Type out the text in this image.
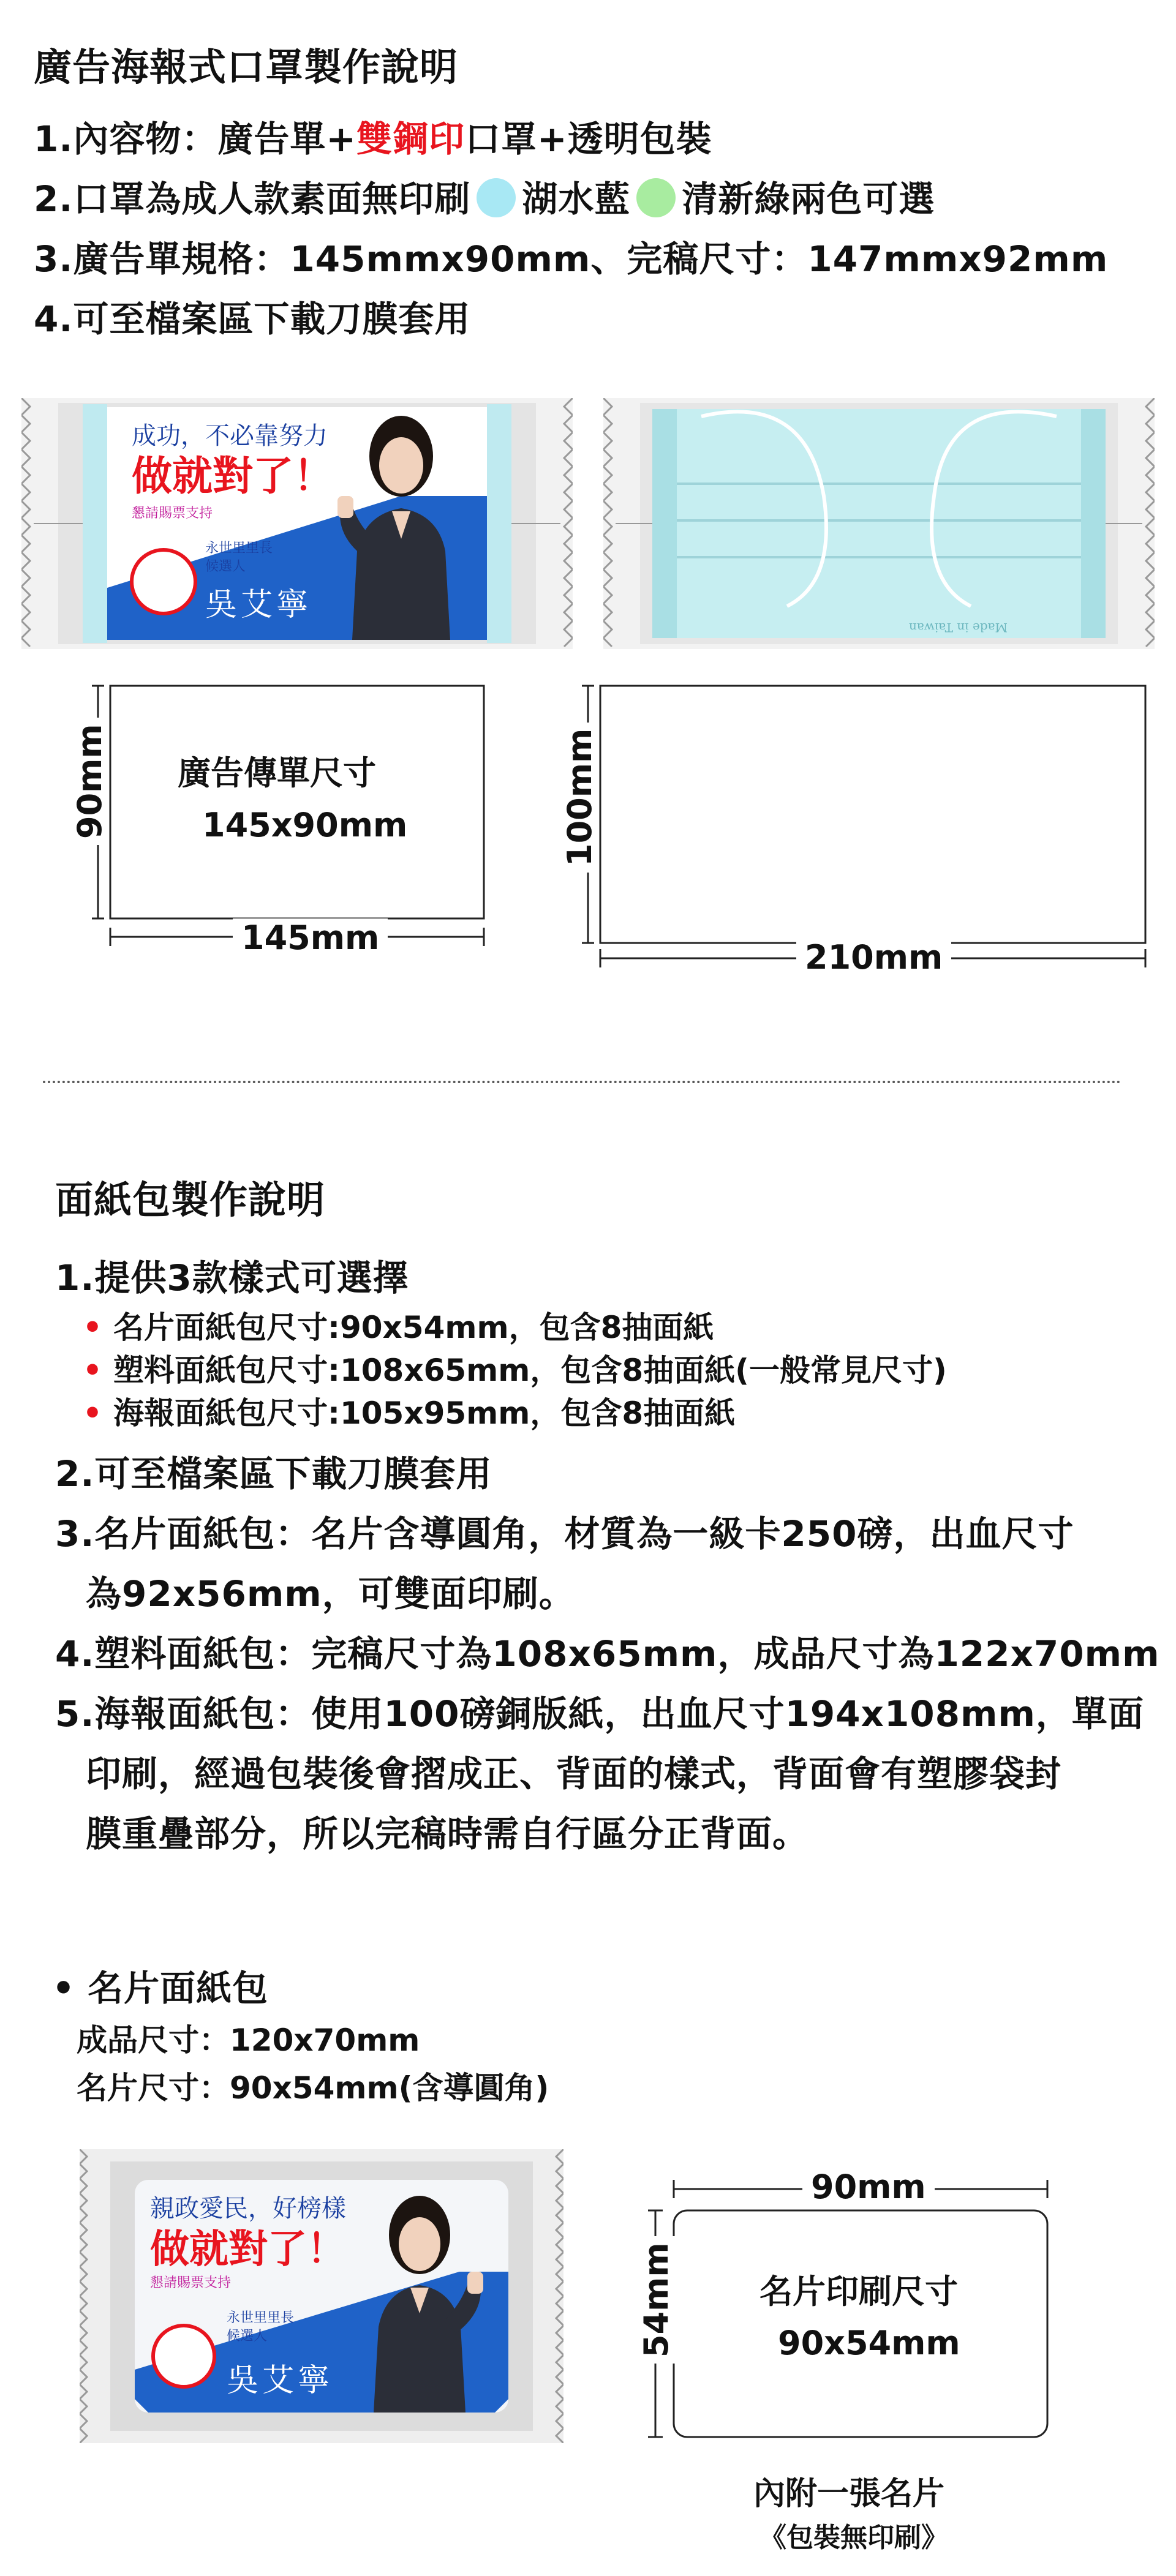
廣告海報式口罩製作說明
1.內容物：廣告單+雙鋼印口罩+透明包裝
2.口罩為成人款素面無印刷 湖水藍 清新綠兩色可選
3.廣告單規格：145mmx90mm、完稿尺寸：147mmx92mm
4.可至檔案區下載刀膜套用
成功，不必靠努力
做就對了！
懇請賜票支持
永世里里長
候選人
吳艾寧
Made in Taiwan
廣告傳單尺寸
145x90mm
145mm
90mm
210mm
100mm
面紙包製作說明
1.提供3款樣式可選擇
• 名片面紙包尺寸:90x54mm，包含8抽面紙
• 塑料面紙包尺寸:108x65mm，包含8抽面紙(一般常見尺寸)
• 海報面紙包尺寸:105x95mm，包含8抽面紙
2.可至檔案區下載刀膜套用
3.名片面紙包：名片含導圓角，材質為一級卡250磅，出血尺寸
為92x56mm，可雙面印刷。
4.塑料面紙包：完稿尺寸為108x65mm，成品尺寸為122x70mm
5.海報面紙包：使用100磅銅版紙，出血尺寸194x108mm，單面
印刷，經過包裝後會摺成正、背面的樣式，背面會有塑膠袋封
膜重疊部分，所以完稿時需自行區分正背面。
• 名片面紙包
成品尺寸：120x70mm
名片尺寸：90x54mm(含導圓角)
親政愛民，好榜樣
做就對了！
懇請賜票支持
永世里里長
候選人
吳艾寧
90mm
54mm	名片印刷尺寸
90x54mm
內附一張名片
《包裝無印刷》
